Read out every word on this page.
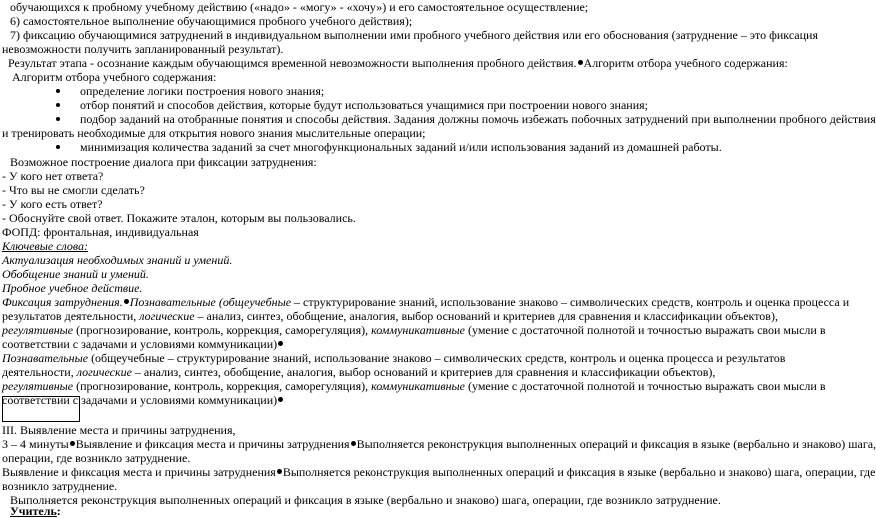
обучающихся к пробному учебному действию («надо» - «могу» - «хочу») и его самостоятельное осуществление;
6) самостоятельное выполнение обучающимися пробного учебного действия);
7) фиксацию обучающимися затруднений в индивидуальном выполнении ими пробного учебного действия или его обоснования (затруднение – это фиксация
невозможности получить запланированный результат).
Результат этапа - осознание каждым обучающимся временной невозможности выполнения пробного действия. Алгоритм отбора учебного содержания:
Алгоритм отбора учебного содержания:
определение логики построения нового знания;
отбор понятий и способов действия, которые будут использоваться учащимися при построении нового знания;
подбор заданий на отобранные понятия и способы действия. Задания должны помочь избежать побочных затруднений при выполнении пробного действия
и тренировать необходимые для открытия нового знания мыслительные операции;
минимизация количества заданий за счет многофункциональных заданий и/или использования заданий из домашней работы.
Возможное построение диалога при фиксации затруднения:
- У кого нет ответа?
- Что вы не смогли сделать?
- У кого есть ответ?
- Обоснуйте свой ответ. Покажите эталон, которым вы пользовались.
ФОПД: фронтальная, индивидуальная
Ключевые слова:
Актуализация необходимых знаний и умений.
Обобщение знаний и умений.
Пробное учебное действие.
Фиксация затруднения. Познавательные (общеучебные – структурирование знаний, использование знаково – символических средств, контроль и оценка процесса и
результатов деятельности, логические – анализ, синтез, обобщение, аналогия, выбор оснований и критериев для сравнения и классификации объектов),
регулятивные (прогнозирование, контроль, коррекция, саморегуляция), коммуникативные (умение с достаточной полнотой и точностью выражать свои мысли в
соответствии с задачами и условиями коммуникации)
Познавательные (общеучебные – структурирование знаний, использование знаково – символических средств, контроль и оценка процесса и результатов
деятельности, логические – анализ, синтез, обобщение, аналогия, выбор оснований и критериев для сравнения и классификации объектов),
регулятивные (прогнозирование, контроль, коррекция, саморегуляция), коммуникативные (умение с достаточной полнотой и точностью выражать свои мысли в
соответствии с задачами и условиями коммуникации)
III. Выявление места и причины затруднения,
3 – 4 минуты Выявление и фиксация места и причины затруднения Выполняется реконструкция выполненных операций и фиксация в языке (вербально и знаково) шага,
операции, где возникло затруднение.
Выявление и фиксация места и причины затруднения Выполняется реконструкция выполненных операций и фиксация в языке (вербально и знаково) шага, операции, где
возникло затруднение.
Выполняется реконструкция выполненных операций и фиксация в языке (вербально и знаково) шага, операции, где возникло затруднение.
Учитель:
